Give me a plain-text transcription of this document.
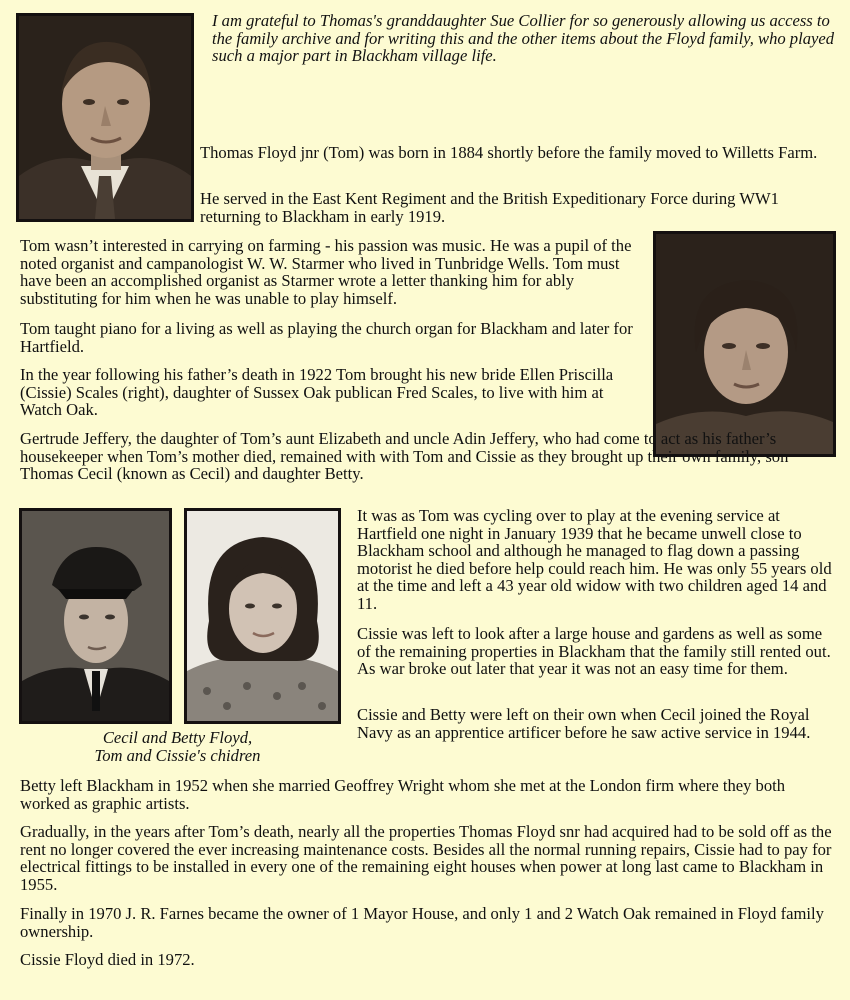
I am grateful to Thomas's granddaughter Sue Collier for so generously allowing us access to the family archive and for writing this and the other items about the Floyd family, who played such a major part in Blackham village life.

Thomas Floyd jnr (Tom) was born in 1884 shortly before the family moved to Willetts Farm.

He served in the East Kent Regiment and the British Expeditionary Force during WW1 returning to Blackham in early 1919.

Tom wasn’t interested in carrying on farming - his passion was music. He was a pupil of the noted organist and campanologist W. W. Starmer who lived in Tunbridge Wells. Tom must have been an accomplished organist as Starmer wrote a letter thanking him for ably substituting for him when he was unable to play himself.

Tom taught piano for a living as well as playing the church organ for Blackham and later for Hartfield.

In the year following his father’s death in 1922 Tom brought his new bride Ellen Priscilla (Cissie) Scales (right), daughter of Sussex Oak publican Fred Scales, to live with him at Watch Oak.

Gertrude Jeffery, the daughter of Tom’s aunt Elizabeth and uncle Adin Jeffery, who had come to act as his father’s housekeeper when Tom’s mother died, remained with with Tom and Cissie as they brought up their own family, son Thomas Cecil (known as Cecil) and daughter Betty.

It was as Tom was cycling over to play at the evening service at Hartfield one night in January 1939 that he became unwell close to Blackham school and although he managed to flag down a passing motorist he died before help could reach him. He was only 55 years old at the time and left a 43 year old widow with two children aged 14 and 11.

Cissie was left to look after a large house and gardens as well as some of the remaining properties in Blackham that the family still rented out. As war broke out later that year it was not an easy time for them.

Cissie and Betty were left on their own when Cecil joined the Royal Navy as an apprentice artificer before he saw active service in 1944.

Cecil and Betty Floyd,
Tom and Cissie's chidren

Betty left Blackham in 1952 when she married Geoffrey Wright whom she met at the London firm where they both worked as graphic artists.

Gradually, in the years after Tom’s death, nearly all the properties Thomas Floyd snr had acquired had to be sold off as the rent no longer covered the ever increasing maintenance costs. Besides all the normal running repairs, Cissie had to pay for electrical fittings to be installed in every one of the remaining eight houses when power at long last came to Blackham in 1955.

Finally in 1970 J. R. Farnes became the owner of 1 Mayor House, and only 1 and 2 Watch Oak remained in Floyd family ownership.

Cissie Floyd died in 1972.
